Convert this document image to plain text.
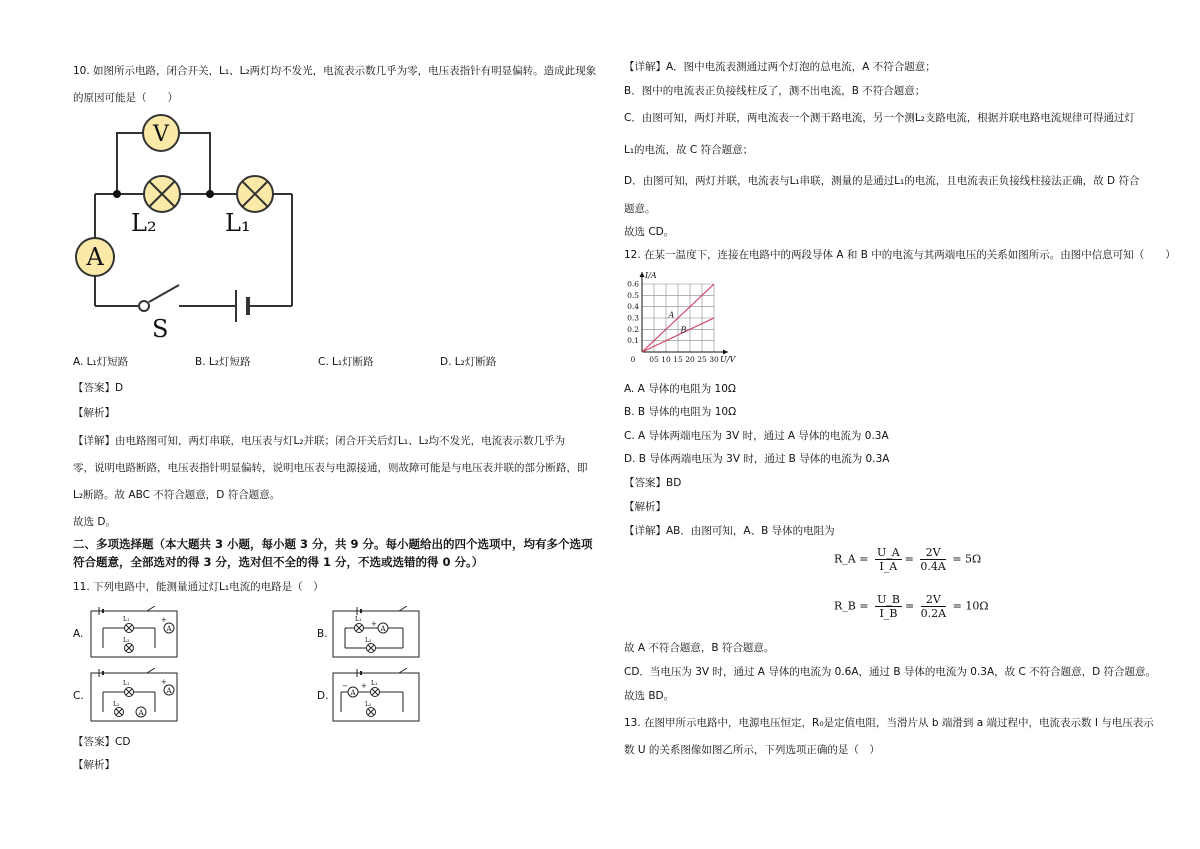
10. 如图所示电路，闭合开关，L₁、L₂两灯均不发光，电流表示数几乎为零，电压表指针有明显偏转。造成此现象
的原因可能是（　　）
V
L₂	L₁
A
S
A. L₁灯短路	B. L₂灯短路	C. L₁灯断路	D. L₂灯断路
【答案】D
【解析】
【详解】由电路图可知，两灯串联，电压表与灯L₂并联；闭合开关后灯L₁、L₂均不发光，电流表示数几乎为
零，说明电路断路，电压表指针明显偏转，说明电压表与电源接通，则故障可能是与电压表并联的部分断路，即
L₂断路。故 ABC 不符合题意，D 符合题意。
故选 D。
二、多项选择题（本大题共 3 小题，每小题 3 分，共 9 分。每小题给出的四个选项中，均有多个选项
符合题意，全部选对的得 3 分，选对但不全的得 1 分，不选或选错的得 0 分。）
11. 下列电路中，能测量通过灯L₁电流的电路是（　）
A.	B.
C.	D.
A
L₁
L₂
+
A
L₁
L₂
+
A
A
L₁
L₂
+
A
L₁
L₂
+
−
【答案】CD
【解析】
【详解】A．图中电流表测通过两个灯泡的总电流，A 不符合题意；
B．图中的电流表正负接线柱反了，测不出电流，B 不符合题意；
C．由图可知，两灯并联，两电流表一个测干路电流，另一个测L₂支路电流，根据并联电路电流规律可得通过灯
L₁的电流，故 C 符合题意；
D．由图可知，两灯并联，电流表与L₁串联，测量的是通过L₁的电流，且电流表正负接线柱接法正确，故 D 符合
题意。
故选 CD。
12. 在某一温度下，连接在电路中的两段导体 A 和 B 中的电流与其两端电压的关系如图所示。由图中信息可知（　　）
0 05 10 15 20 25 30
0.1
0.2
0.3
0.4
0.5
0.6
I/A
U/V
A
B
A. A 导体的电阻为 10Ω
B. B 导体的电阻为 10Ω
C. A 导体两端电压为 3V 时，通过 A 导体的电流为 0.3A
D. B 导体两端电压为 3V 时，通过 B 导体的电流为 0.3A
【答案】BD
【解析】
【详解】AB．由图可知，A、B 导体的电阻为
R_A = $\frac{U\_A}{I\_A} = \frac{2V}{0.4A} = 5\Omega$
R_B = $\frac{U\_B}{I\_B} = \frac{2V}{0.2A} = 10\Omega$
故 A 不符合题意，B 符合题意。
CD．当电压为 3V 时，通过 A 导体的电流为 0.6A，通过 B 导体的电流为 0.3A，故 C 不符合题意，D 符合题意。
故选 BD。
13. 在图甲所示电路中，电源电压恒定，R₀是定值电阻，当滑片从 b 端滑到 a 端过程中，电流表示数 I 与电压表示
数 U 的关系图像如图乙所示，下列选项正确的是（　）
